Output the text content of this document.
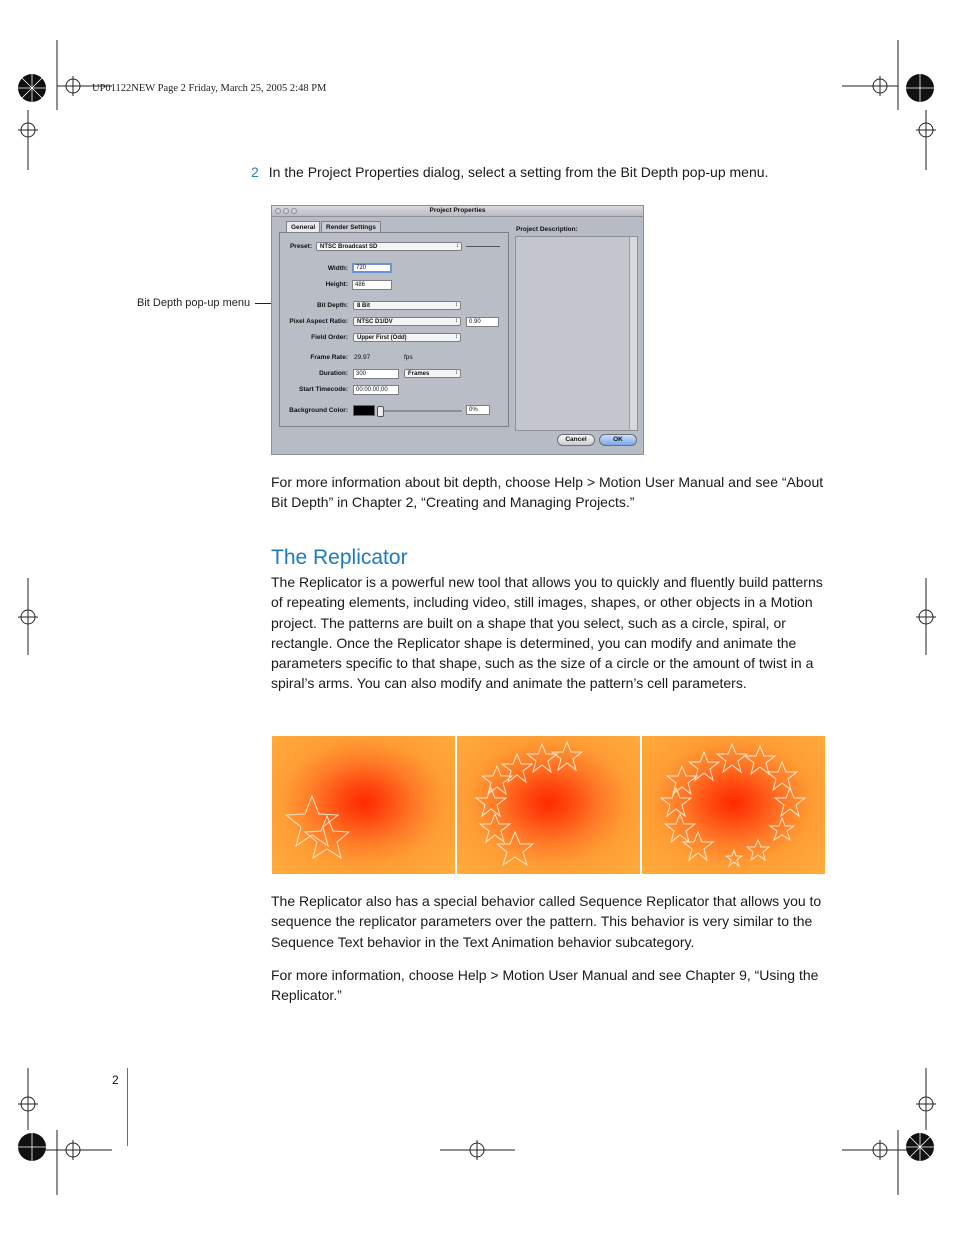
UP01122NEW Page 2 Friday, March 25, 2005 2:48 PM
2 In the Project Properties dialog, select a setting from the Bit Depth pop-up menu.
Bit Depth pop-up menu
Project Properties
General	Render Settings
Preset:	NTSC Broadcast SD ↕
Width:	720
Height:	486
Bit Depth:	8 Bit ↕
Pixel Aspect Ratio:	NTSC D1/DV ↕	0.90
Field Order:	Upper First (Odd) ↕
Frame Rate: 29.97	fps
Duration:	300	Frames ↕
Start Timecode:	00:00:00;00
Background Color:	0%
Project Description:
Cancel	OK
For more information about bit depth, choose Help > Motion User Manual and see “About Bit Depth” in Chapter 2, “Creating and Managing Projects.”
The Replicator
The Replicator is a powerful new tool that allows you to quickly and fluently build patterns of repeating elements, including video, still images, shapes, or other objects in a Motion project. The patterns are built on a shape that you select, such as a circle, spiral, or rectangle. Once the Replicator shape is determined, you can modify and animate the parameters specific to that shape, such as the size of a circle or the amount of twist in a spiral’s arms. You can also modify and animate the pattern’s cell parameters.
The Replicator also has a special behavior called Sequence Replicator that allows you to sequence the replicator parameters over the pattern. This behavior is very similar to the Sequence Text behavior in the Text Animation behavior subcategory.
For more information, choose Help > Motion User Manual and see Chapter 9, “Using the Replicator.”
2
